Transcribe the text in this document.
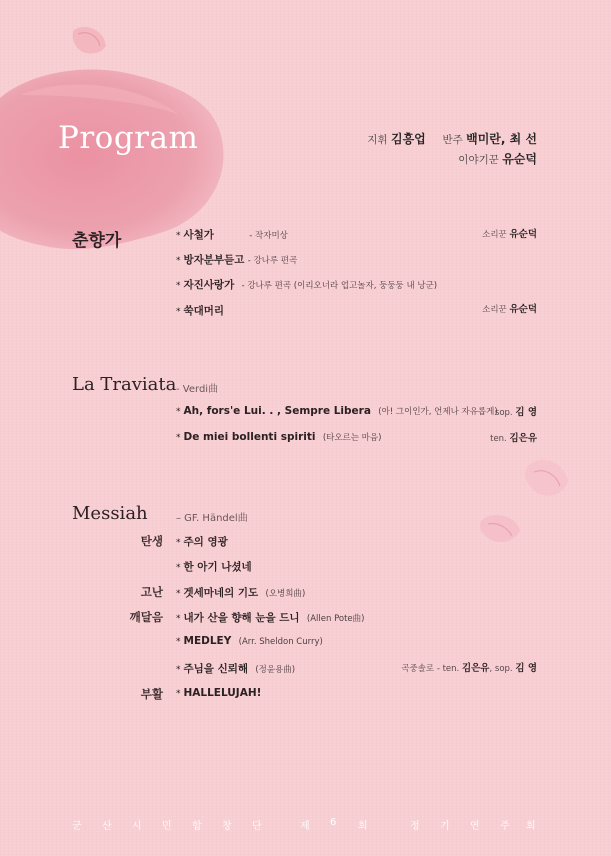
Program	지휘 김흥업 반주 백미란, 최 선
이야기꾼 유순덕
춘향가	* 사철가	- 작자미상	소리꾼 유순덕
* 방자분부듣고 - 강나루 편곡
* 자진사랑가 - 강나루 편곡 (이리오너라 업고놀자, 둥둥둥 내 낭군)
* 쑥대머리	소리꾼 유순덕
La Traviata - Verdi曲
* Ah, fors'e Lui. . , Sempre Libera (아! 그이인가, 언제나 자유롭게)
sop. 김 영
* De miei bollenti spiriti (타오르는 마음)	ten. 김은유
Messiah	– GF. Händel曲
탄생 * 주의 영광
* 한 아기 나셨네
고난 * 겟세마네의 기도 (오병희曲)
깨달음 * 내가 산을 향해 눈을 드니 (Allen Pote曲)
* MEDLEY (Arr. Sheldon Curry)
* 주님을 신뢰해 (정윤용曲)	곡중솔로 - ten. 김은유, sop. 김 영
부활 * HALLELUJAH!
군 산 시 민 합 창 단	제 6 회	정 기 연 주 회
